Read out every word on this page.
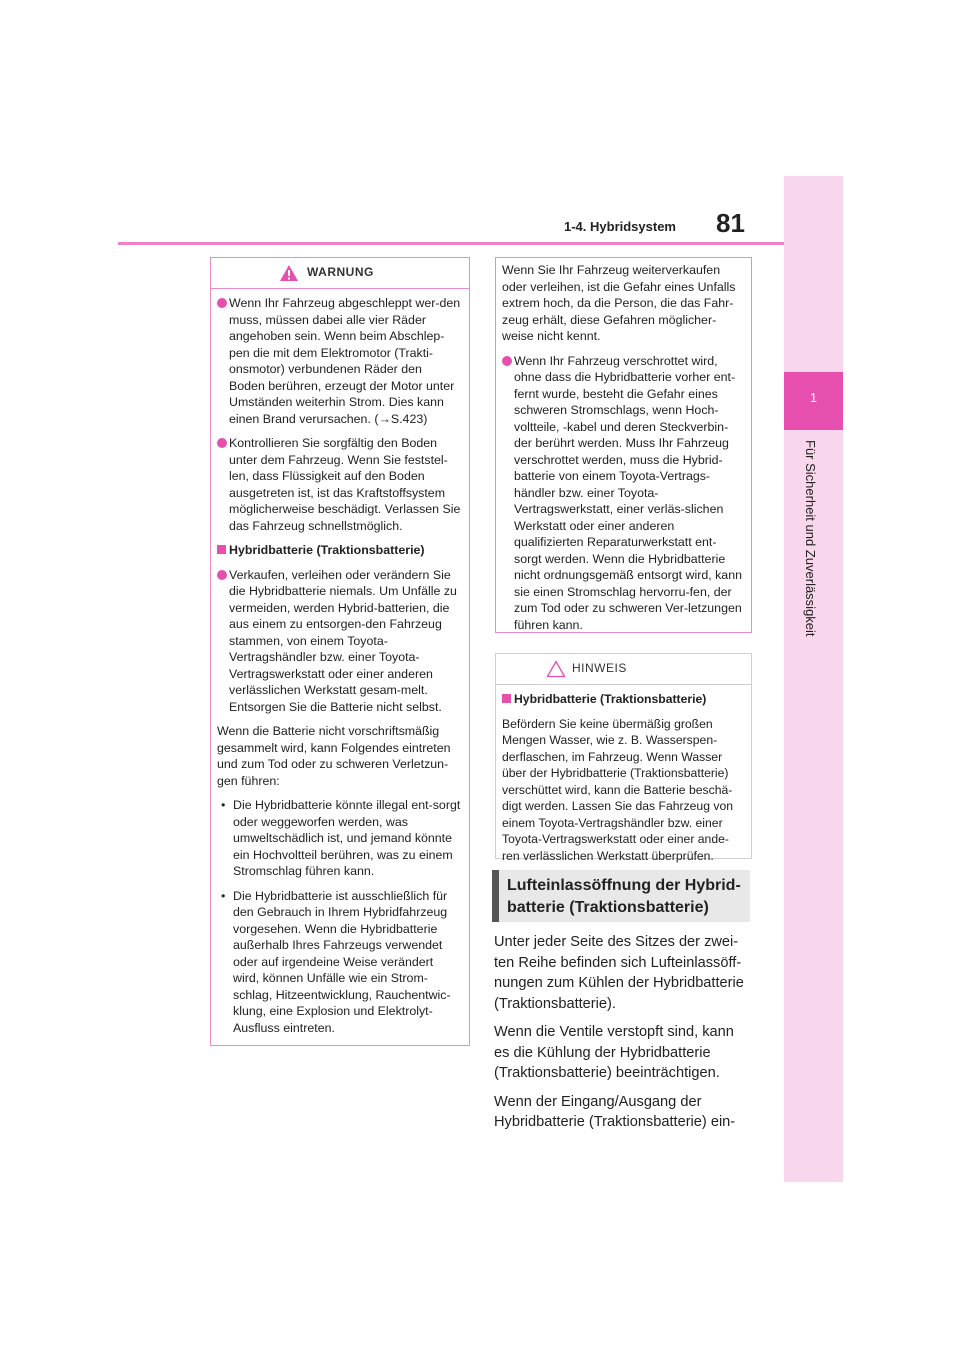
1-4. Hybridsystem 81
1
Für Sicherheit und Zuverlässigkeit
WARNUNG
Wenn Ihr Fahrzeug abgeschleppt wer-den muss, müssen dabei alle vier Räder angehoben sein. Wenn beim Abschlep-pen die mit dem Elektromotor (Trakti-onsmotor) verbundenen Räder den Boden berühren, erzeugt der Motor unter Umständen weiterhin Strom. Dies kann einen Brand verursachen. (→S.423)
Kontrollieren Sie sorgfältig den Boden unter dem Fahrzeug. Wenn Sie feststel-len, dass Flüssigkeit auf den Boden ausgetreten ist, ist das Kraftstoffsystem möglicherweise beschädigt. Verlassen Sie das Fahrzeug schnellstmöglich.
Hybridbatterie (Traktionsbatterie)
Verkaufen, verleihen oder verändern Sie die Hybridbatterie niemals. Um Unfälle zu vermeiden, werden Hybrid-batterien, die aus einem zu entsorgen-den Fahrzeug stammen, von einem Toyota-Vertragshändler bzw. einer Toyota-Vertragswerkstatt oder einer anderen verlässlichen Werkstatt gesam-melt. Entsorgen Sie die Batterie nicht selbst.

Wenn die Batterie nicht vorschriftsmäßig gesammelt wird, kann Folgendes eintreten und zum Tod oder zu schweren Verletzun-gen führen:

• Die Hybridbatterie könnte illegal ent-sorgt oder weggeworfen werden, was umweltschädlich ist, und jemand könnte ein Hochvoltteil berühren, was zu einem Stromschlag führen kann.
• Die Hybridbatterie ist ausschließlich für den Gebrauch in Ihrem Hybridfahrzeug vorgesehen. Wenn die Hybridbatterie außerhalb Ihres Fahrzeugs verwendet oder auf irgendeine Weise verändert wird, können Unfälle wie ein Strom-schlag, Hitzeentwicklung, Rauchentwic-klung, eine Explosion und Elektrolyt-Ausfluss eintreten.

Wenn Sie Ihr Fahrzeug weiterverkaufen oder verleihen, ist die Gefahr eines Unfalls extrem hoch, da die Person, die das Fahr-zeug erhält, diese Gefahren möglicher-weise nicht kennt.

Wenn Ihr Fahrzeug verschrottet wird, ohne dass die Hybridbatterie vorher ent-fernt wurde, besteht die Gefahr eines schweren Stromschlags, wenn Hoch-voltteile, -kabel und deren Steckverbin-der berührt werden. Muss Ihr Fahrzeug verschrottet werden, muss die Hybrid-batterie von einem Toyota-Vertrags-händler bzw. einer Toyota-Vertragswerkstatt, einer verläs-slichen Werkstatt oder einer anderen qualifizierten Reparaturwerkstatt ent-sorgt werden. Wenn die Hybridbatterie nicht ordnungsgemäß entsorgt wird, kann sie einen Stromschlag hervorru-fen, der zum Tod oder zu schweren Ver-letzungen führen kann.
HINWEIS
Hybridbatterie (Traktionsbatterie)

Befördern Sie keine übermäßig großen Mengen Wasser, wie z. B. Wasserspen-derflaschen, im Fahrzeug. Wenn Wasser über der Hybridbatterie (Traktionsbatterie) verschüttet wird, kann die Batterie beschä-digt werden. Lassen Sie das Fahrzeug von einem Toyota-Vertragshändler bzw. einer Toyota-Vertragswerkstatt oder einer ande-ren verlässlichen Werkstatt überprüfen.

Lufteinlassöffnung der Hybrid-batterie (Traktionsbatterie)

Unter jeder Seite des Sitzes der zwei-ten Reihe befinden sich Lufteinlassöff-nungen zum Kühlen der Hybridbatterie (Traktionsbatterie).

Wenn die Ventile verstopft sind, kann es die Kühlung der Hybridbatterie (Traktionsbatterie) beeinträchtigen.

Wenn der Eingang/Ausgang der Hybridbatterie (Traktionsbatterie) ein-
